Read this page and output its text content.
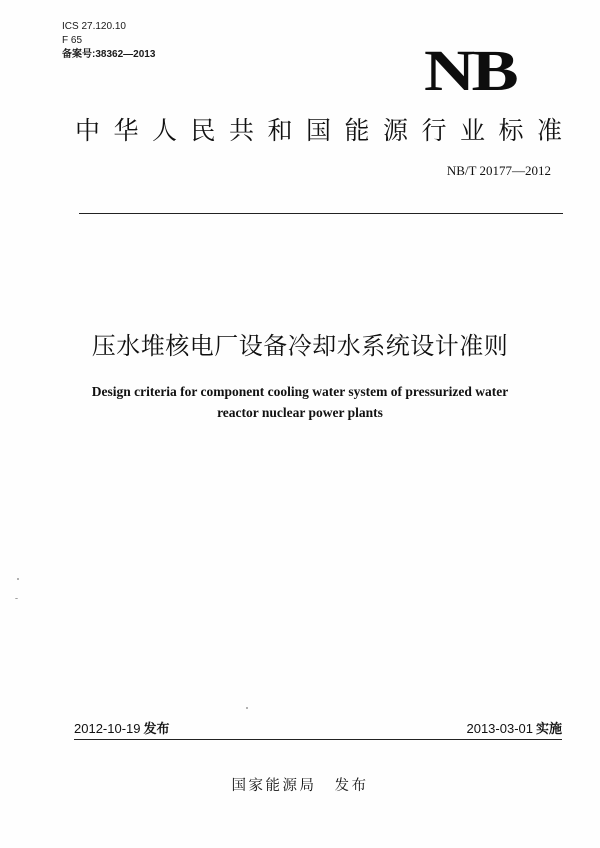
ICS 27.120.10
F 65
备案号:38362—2013	NB
中华人民共和国能源行业标准
NB/T 20177—2012
压水堆核电厂设备冷却水系统设计准则
Design criteria for component cooling water system of pressurized water
reactor nuclear power plants
2012-10-19 发布	2013-03-01 实施
国家能源局 发布
